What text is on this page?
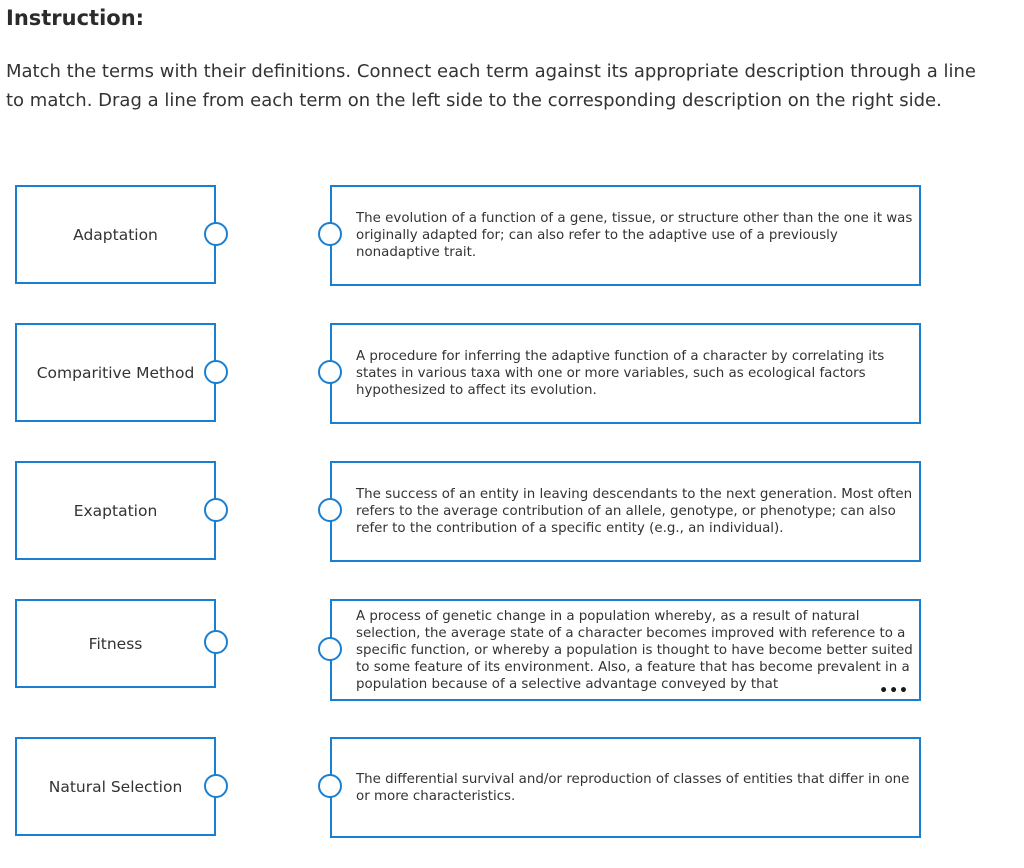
Instruction:
Match the terms with their definitions. Connect each term against its appropriate description through a line to match. Drag a line from each term on the left side to the corresponding description on the right side.
Adaptation
The evolution of a function of a gene, tissue, or structure other than the one it was originally adapted for; can also refer to the adaptive use of a previously nonadaptive trait.
Comparitive Method
A procedure for inferring the adaptive function of a character by correlating its states in various taxa with one or more variables, such as ecological factors hypothesized to affect its evolution.
Exaptation
The success of an entity in leaving descendants to the next generation. Most often refers to the average contribution of an allele, genotype, or phenotype; can also refer to the contribution of a specific entity (e.g., an individual).
Fitness
A process of genetic change in a population whereby, as a result of natural selection, the average state of a character becomes improved with reference to a specific function, or whereby a population is thought to have become better suited to some feature of its environment. Also, a feature that has become prevalent in a population because of a selective advantage conveyed by that	•••
Natural Selection	The differential survival and/or reproduction of classes of entities that differ in one or more characteristics.
